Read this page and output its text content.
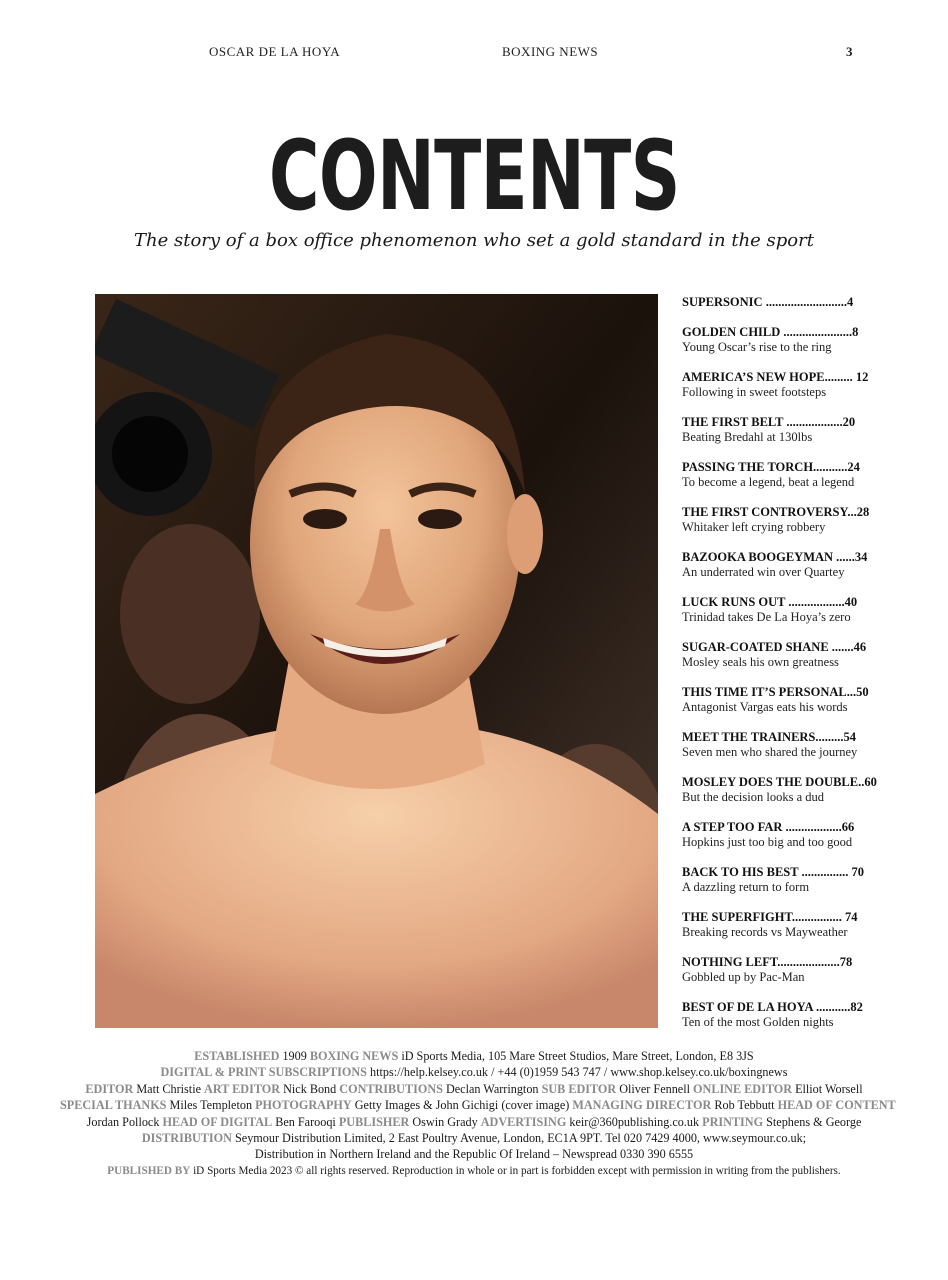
OSCAR DE LA HOYA	BOXING NEWS	3
CONTENTS
The story of a box office phenomenon who set a gold standard in the sport
SUPERSONIC ..........................4
GOLDEN CHILD ......................8
Young Oscar’s rise to the ring
AMERICA’S NEW HOPE......... 12
Following in sweet footsteps
THE FIRST BELT ..................20
Beating Bredahl at 130lbs
PASSING THE TORCH...........24
To become a legend, beat a legend
THE FIRST CONTROVERSY...28
Whitaker left crying robbery
BAZOOKA BOOGEYMAN ......34
An underrated win over Quartey
LUCK RUNS OUT ..................40
Trinidad takes De La Hoya’s zero
SUGAR-COATED SHANE .......46
Mosley seals his own greatness
THIS TIME IT’S PERSONAL...50
Antagonist Vargas eats his words
MEET THE TRAINERS.........54
Seven men who shared the journey
MOSLEY DOES THE DOUBLE..60
But the decision looks a dud
A STEP TOO FAR ..................66
Hopkins just too big and too good
BACK TO HIS BEST ............... 70
A dazzling return to form
THE SUPERFIGHT................ 74
Breaking records vs Mayweather
NOTHING LEFT....................78
Gobbled up by Pac-Man
BEST OF DE LA HOYA ...........82
Ten of the most Golden nights
ESTABLISHED 1909 BOXING NEWS iD Sports Media, 105 Mare Street Studios, Mare Street, London, E8 3JS
DIGITAL & PRINT SUBSCRIPTIONS https://help.kelsey.co.uk / +44 (0)1959 543 747 / www.shop.kelsey.co.uk/boxingnews
EDITOR Matt Christie ART EDITOR Nick Bond CONTRIBUTIONS Declan Warrington SUB EDITOR Oliver Fennell ONLINE EDITOR Elliot Worsell
SPECIAL THANKS Miles Templeton PHOTOGRAPHY Getty Images & John Gichigi (cover image) MANAGING DIRECTOR Rob Tebbutt HEAD OF CONTENT
Jordan Pollock HEAD OF DIGITAL Ben Farooqi PUBLISHER Oswin Grady ADVERTISING keir@360publishing.co.uk PRINTING Stephens & George
DISTRIBUTION Seymour Distribution Limited, 2 East Poultry Avenue, London, EC1A 9PT. Tel 020 7429 4000, www.seymour.co.uk;
Distribution in Northern Ireland and the Republic Of Ireland – Newspread 0330 390 6555
PUBLISHED BY iD Sports Media 2023 © all rights reserved. Reproduction in whole or in part is forbidden except with permission in writing from the publishers.
